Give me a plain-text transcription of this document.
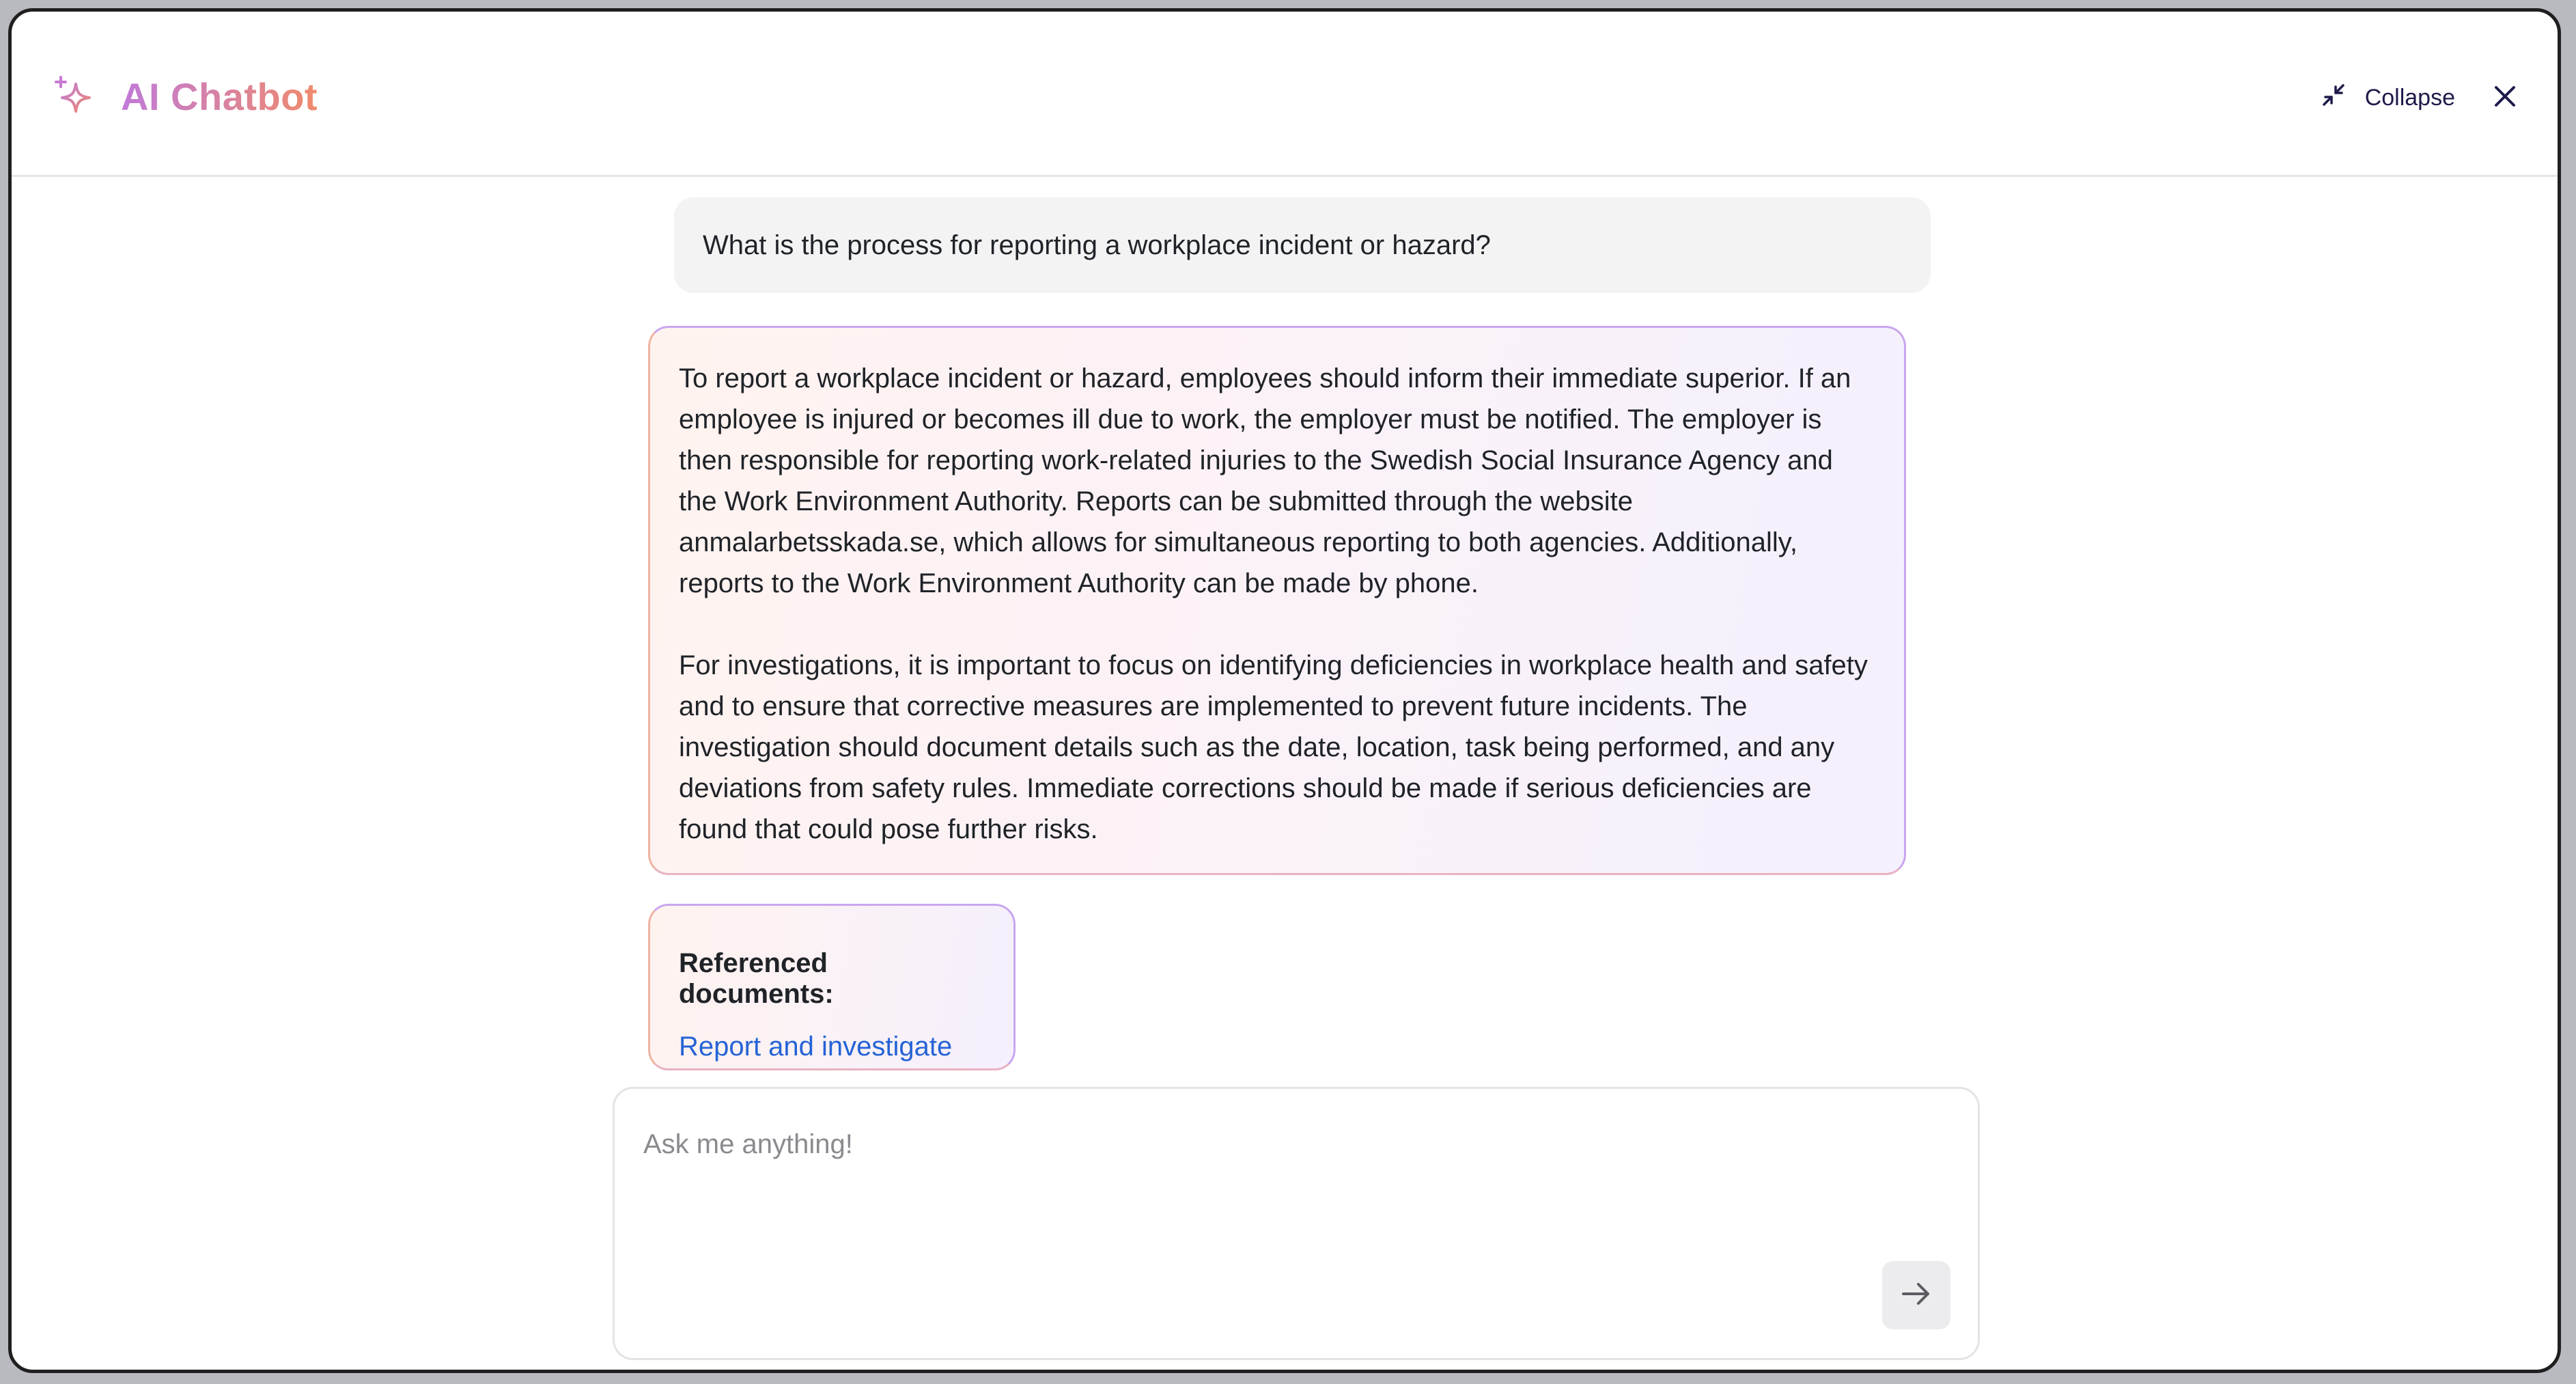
AI Chatbot	Collapse
What is the process for reporting a workplace incident or hazard?

To report a workplace incident or hazard, employees should inform their immediate superior. If an employee is injured or becomes ill due to work, the employer must be notified. The employer is then responsible for reporting work-related injuries to the Swedish Social Insurance Agency and the Work Environment Authority. Reports can be submitted through the website anmalarbetsskada.se, which allows for simultaneous reporting to both agencies. Additionally, reports to the Work Environment Authority can be made by phone.

For investigations, it is important to focus on identifying deficiencies in workplace health and safety and to ensure that corrective measures are implemented to prevent future incidents. The investigation should document details such as the date, location, task being performed, and any deviations from safety rules. Immediate corrections should be made if serious deficiencies are found that could pose further risks.

Referenced documents:
Report and investigate
Ask me anything!
